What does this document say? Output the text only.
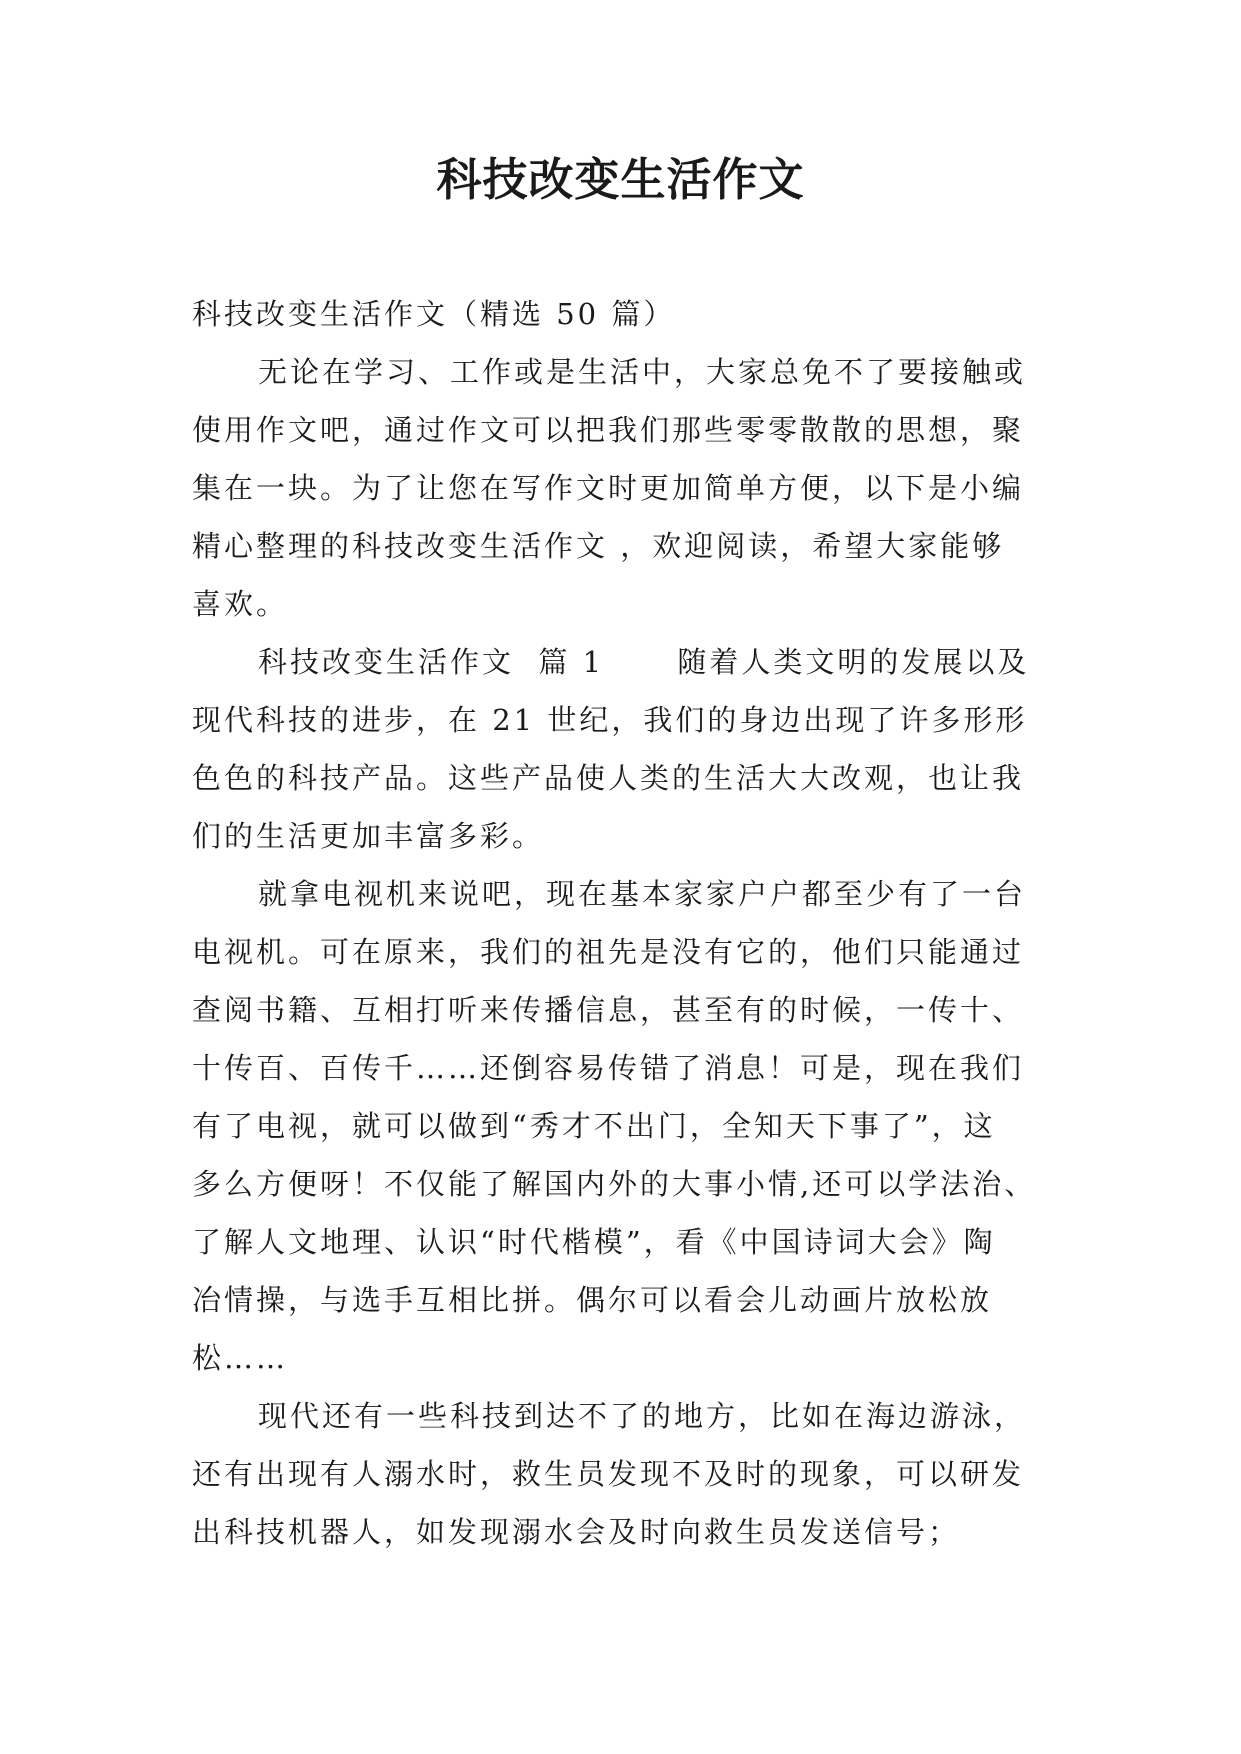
科技改变生活作文
科技改变生活作文（精选 50 篇）
无论在学习、工作或是生活中，大家总免不了要接触或
使用作文吧，通过作文可以把我们那些零零散散的思想，聚
集在一块。为了让您在写作文时更加简单方便，以下是小编
精心整理的科技改变生活作文 ，欢迎阅读，希望大家能够
喜欢。
科技改变生活作文  篇 1      随着人类文明的发展以及
现代科技的进步，在 21 世纪，我们的身边出现了许多形形
色色的科技产品。这些产品使人类的生活大大改观，也让我
们的生活更加丰富多彩。
就拿电视机来说吧，现在基本家家户户都至少有了一台
电视机。可在原来，我们的祖先是没有它的，他们只能通过
查阅书籍、互相打听来传播信息，甚至有的时候，一传十、
十传百、百传千……还倒容易传错了消息！可是，现在我们
有了电视，就可以做到“秀才不出门，全知天下事了”，这
多么方便呀！不仅能了解国内外的大事小情,还可以学法治、
了解人文地理、认识“时代楷模”，看《中国诗词大会》陶
冶情操，与选手互相比拼。偶尔可以看会儿动画片放松放
松……
现代还有一些科技到达不了的地方，比如在海边游泳，
还有出现有人溺水时，救生员发现不及时的现象，可以研发
出科技机器人，如发现溺水会及时向救生员发送信号；
